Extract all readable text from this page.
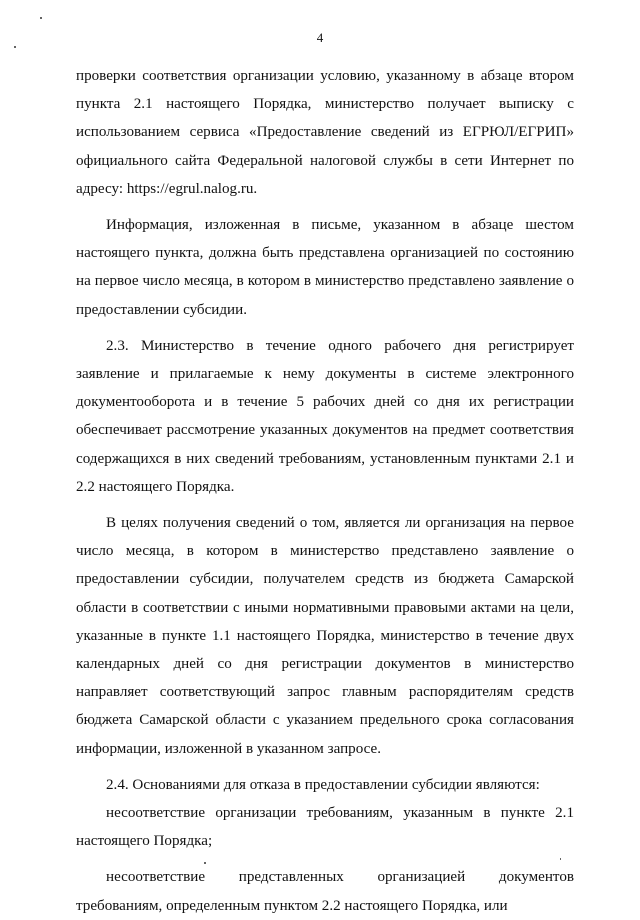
4

проверки соответствия организации условию, указанному в абзаце втором пункта 2.1 настоящего Порядка, министерство получает выписку с использованием сервиса «Предоставление сведений из ЕГРЮЛ/ЕГРИП» официального сайта Федеральной налоговой службы в сети Интернет по адресу: https://egrul.nalog.ru.

Информация, изложенная в письме, указанном в абзаце шестом настоящего пункта, должна быть представлена организацией по состоянию на первое число месяца, в котором в министерство представлено заявление о предоставлении субсидии.

2.3. Министерство в течение одного рабочего дня регистрирует заявление и прилагаемые к нему документы в системе электронного документооборота и в течение 5 рабочих дней со дня их регистрации обеспечивает рассмотрение указанных документов на предмет соответствия содержащихся в них сведений требованиям, установленным пунктами 2.1 и 2.2 настоящего Порядка.

В целях получения сведений о том, является ли организация на первое число месяца, в котором в министерство представлено заявление о предоставлении субсидии, получателем средств из бюджета Самарской области в соответствии с иными нормативными правовыми актами на цели, указанные в пункте 1.1 настоящего Порядка, министерство в течение двух календарных дней со дня регистрации документов в министерство направляет соответствующий запрос главным распорядителям средств бюджета Самарской области с указанием предельного срока согласования информации, изложенной в указанном запросе.

2.4. Основаниями для отказа в предоставлении субсидии являются:

несоответствие организации требованиям, указанным в пункте 2.1 настоящего Порядка;

несоответствие представленных организацией документов требованиям, определенным пунктом 2.2 настоящего Порядка, или
